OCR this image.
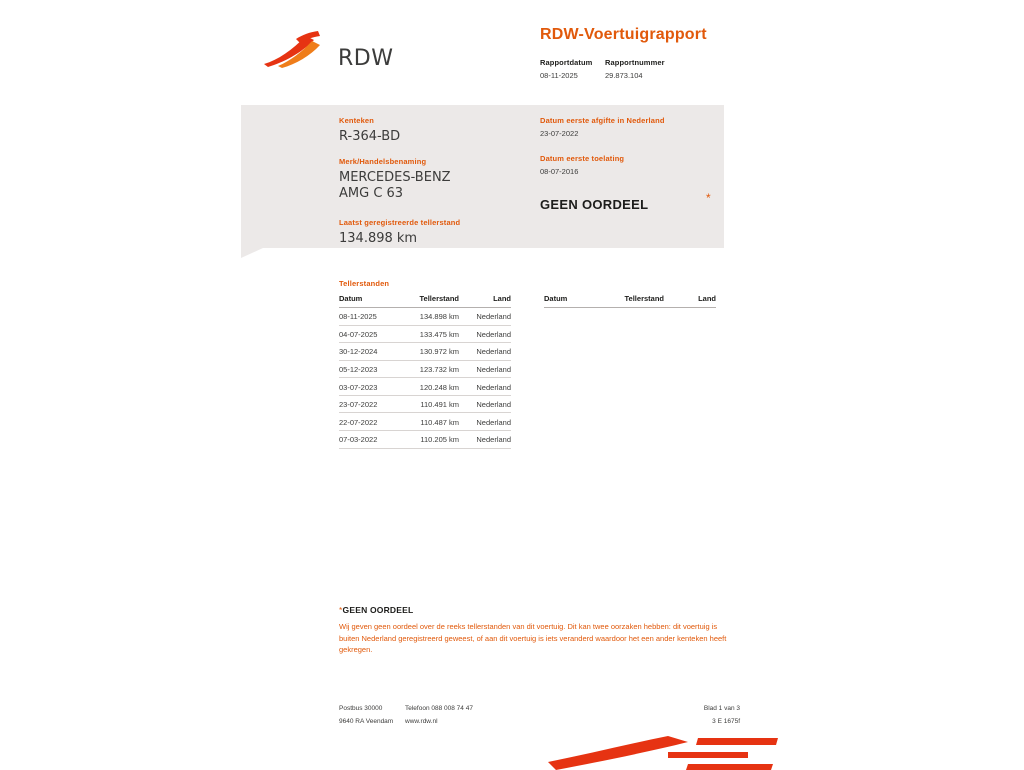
RDW
RDW-Voertuigrapport
Rapportdatum
08-11-2025
Rapportnummer
29.873.104
Kenteken
R-364-BD
Merk/Handelsbenaming
MERCEDES-BENZ
AMG C 63
Laatst geregistreerde tellerstand
134.898 km
Datum eerste afgifte in Nederland
23-07-2022
Datum eerste toelating
08-07-2016
GEEN OORDEEL	*
Tellerstanden
Datum	Tellerstand	Land
08-11-2025	134.898 km	Nederland
04-07-2025	133.475 km	Nederland
30-12-2024	130.972 km	Nederland
05-12-2023	123.732 km	Nederland
03-07-2023	120.248 km	Nederland
23-07-2022	110.491 km	Nederland
22-07-2022	110.487 km	Nederland
07-03-2022	110.205 km	Nederland
Datum	Tellerstand	Land
*GEEN OORDEEL
Wij geven geen oordeel over de reeks tellerstanden van dit voertuig. Dit kan twee oorzaken hebben: dit voertuig is buiten Nederland geregistreerd geweest, of aan dit voertuig is iets veranderd waardoor het een ander kenteken heeft gekregen.
Postbus 30000
9640 RA Veendam
Telefoon 088 008 74 47
www.rdw.nl
Blad 1 van 3
3 E 1675f
